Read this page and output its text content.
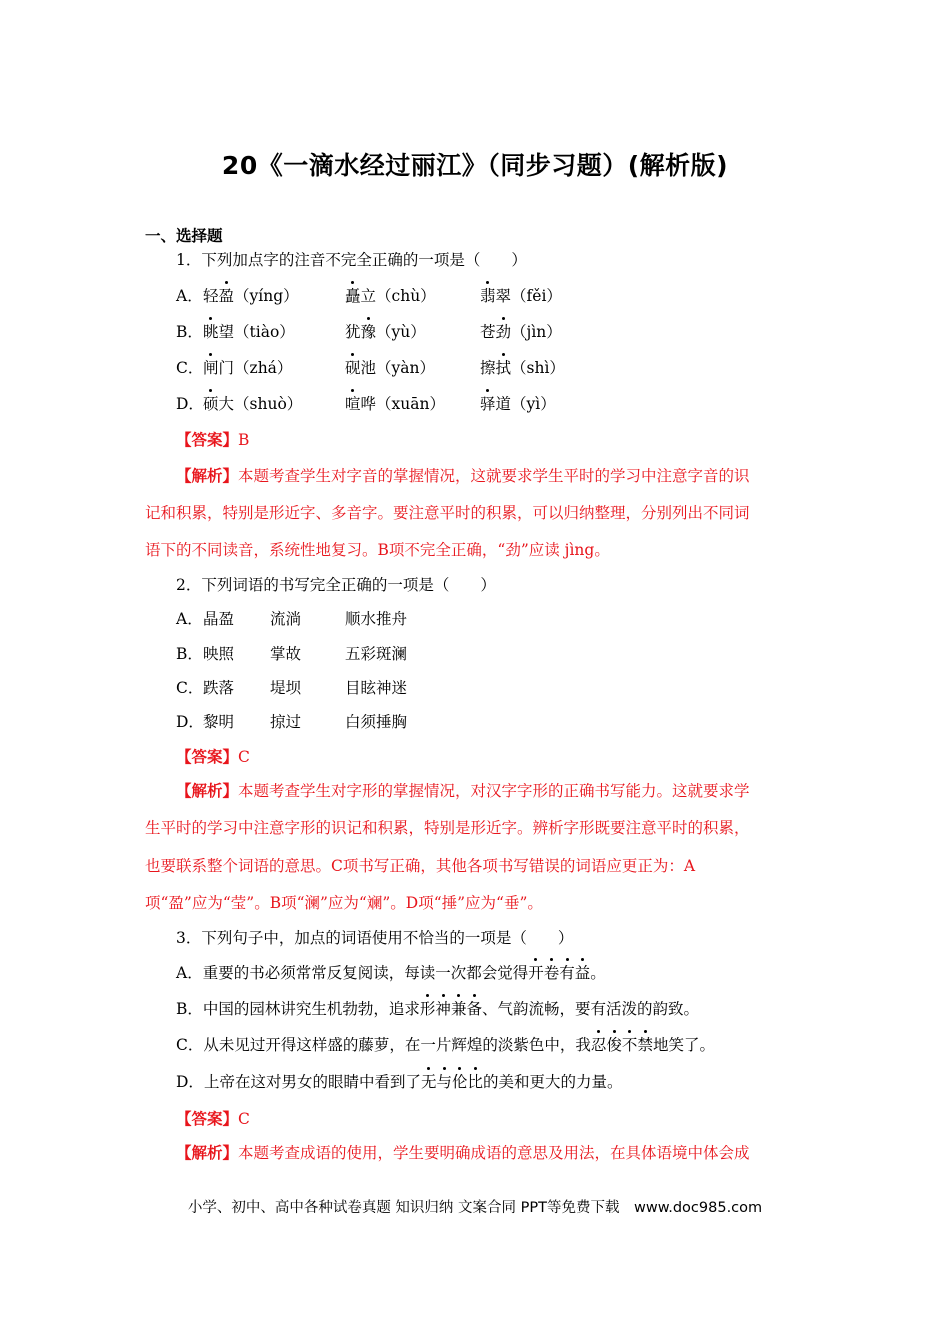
20《一滴水经过丽江》（同步习题）(解析版)
一、选择题
1．下列加点字的注音不完全正确的一项是（　　）
A． 轻盈（yíng）	矗立（chù）	翡翠（fěi）
B． 眺望（tiào）	犹豫（yù）	苍劲（jìn）
C． 闸门（zhá）	砚池（yàn）	擦拭（shì）
D． 硕大（shuò）	喧哗（xuān） 驿道（yì）
【答案】B
【解析】本题考查学生对字音的掌握情况，这就要求学生平时的学习中注意字音的识
记和积累，特别是形近字、多音字。要注意平时的积累，可以归纳整理，分别列出不同词
语下的不同读音，系统性地复习。B项不完全正确，“劲”应读 jìng。
2．下列词语的书写完全正确的一项是（　　）
A． 晶盈 流淌	顺水推舟
B． 映照 掌故	五彩斑澜
C． 跌落 堤坝	目眩神迷
D． 黎明 掠过	白须捶胸
【答案】C
【解析】本题考查学生对字形的掌握情况，对汉字字形的正确书写能力。这就要求学
生平时的学习中注意字形的识记和积累，特别是形近字。辨析字形既要注意平时的积累，
也要联系整个词语的意思。C项书写正确，其他各项书写错误的词语应更正为：A
项“盈”应为“莹”。B项“澜”应为“斓”。D项“捶”应为“垂”。
3．下列句子中，加点的词语使用不恰当的一项是（　　）
A．重要的书必须常常反复阅读，每读一次都会觉得开卷有益。
B．中国的园林讲究生机勃勃，追求形神兼备、气韵流畅，要有活泼的韵致。
C．从未见过开得这样盛的藤萝，在一片辉煌的淡紫色中，我忍俊不禁地笑了。
D．上帝在这对男女的眼睛中看到了无与伦比的美和更大的力量。
【答案】C
【解析】本题考查成语的使用，学生要明确成语的意思及用法，在具体语境中体会成
小学、初中、高中各种试卷真题 知识归纳 文案合同 PPT等免费下载　www.doc985.com
